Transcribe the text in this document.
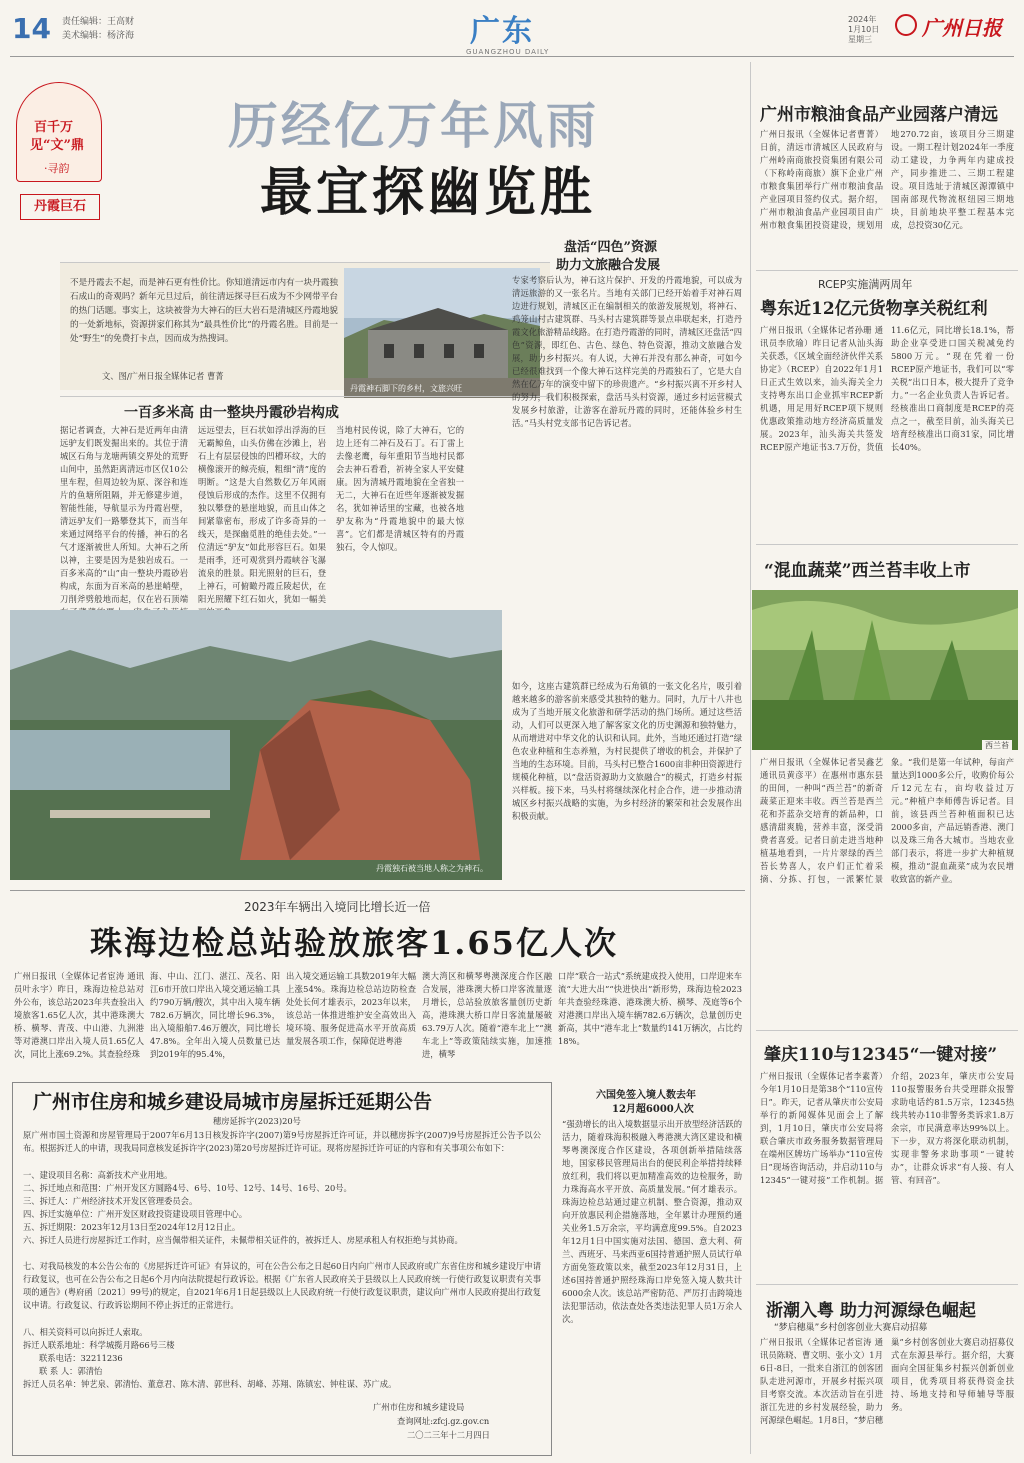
14 责任编辑：王高财
美术编辑：杨济海	广东
GUANGZHOU DAILY
2024年
1月10日
星期三	广州日报
百千万
见“文”鼎
·寻韵
丹霞巨石
历经亿万年风雨
最宜探幽览胜
不是丹霞去不起，而是神石更有性价比。你知道清远市内有一块丹霞独石成山的奇观吗？新年元旦过后，前往清远探寻巨石成为不少网带平台的热门话题。事实上，这块被誉为大神石的巨大岩石是清城区丹霞地貌的一处新地标，资源拼家们称其为“最具性价比”的丹霞名胜。目前是一处“野生”的免费打卡点，因而成为热搜词。
文、图/广州日报全媒体记者 曹菁
丹霞神石脚下的乡村，文旅兴旺
一百多米高 由一整块丹霞砂岩构成
据记者调查，大神石是近两年由清远驴友们既发掘出来的。其位于清城区石角与龙塘两镇交界处的荒野山间中，虽然距离清远市区仅10公里车程，但周边较为原、深谷和连片的鱼塘所阻隔，并无修建步道，智能性能，导航显示为丹霞岩壁，清远驴友们一路攀登其下，而当年来通过网络平台的传播，神石的名气才逐渐被世人所知。大神石之所以神，主要是因为是独岩成石。一百多米高的“山”由一整块丹霞砂岩构成，东面为百米高的悬崖峭壁，刀削斧劈般地而起，仅在岩石顶端
远远望去，巨石状如浮出浮海的巨无霸鲸鱼，山头仿佛在沙滩上，岩石上有层层侵蚀的凹槽环纹，大的横像滚开的鲸壳痕，粗细“清”度的明断。“这是大自然数亿万年风雨侵蚀后形成的杰作。这里不仅拥有独以攀登的悬崖地貌，而且山体之间紧靠密布，形成了许多奇异的一线天，是探幽觅胜的绝佳去处。”一位清远“驴友”如此形容巨石。如果是雨季，还可观赏到丹霞峡谷飞瀑流泉的胜景。阳光照射的巨石，登上神石，可俯瞰丹霞丘陵起伏，在阳光照耀下红石如火，犹如一幅美
当地村民传说，除了大神石，它的边上还有二神石及石丁。石丁雷上去像老鹰，每年重阳节当地村民都会去神石看看，祈祷全家人平安健康。因为清城丹霞地貌在全省独一无二，大神石在近些年逐渐被发掘名，犹如神话里的宝藏，也被各地驴友称为“丹霞地貌中的最大惊喜”。它们都是清城区特有的丹霞独石，令人惊叹。
丹霞独石被当地人称之为神石。
盘活“四色”资源
助力文旅融合发展
专家考察后认为，神石这片保护、开发的丹霞地貌，可以成为清远旅游的又一张名片。当地有关部门已经开始着手对神石周边进行规划，清城区正在编制相关的旅游发展规划，将神石、鸡笼山村古建筑群、马头村古建筑群等景点串联起来，打造丹霞文化旅游精品线路。在打造丹霞游的同时，清城区还盘活“四色”资源，即红色、古色、绿色、特色资源，推动文旅融合发展，助力乡村振兴。有人说，大神石并没有那么神奇，可如今已经很难找到一个像大神石这样完美的丹霞独石了，它是大自然在亿万年的演变中留下的珍贵遗产。“乡村振兴离不开乡村人的努力，我们积极探索，盘活马头村资源，通过乡村运营模式发展乡村旅游，让游客在游玩丹霞的同时，还能体验乡村生活。”马头村党支部书记告诉记者。
如今，这座古建筑群已经成为石角镇的一张文化名片，吸引着越来越多的游客前来感受其独特的魅力。同时，九厅十八井也成为了当地开展文化旅游和研学活动的热门场所。通过这些活动，人们可以更深入地了解客家文化的历史渊源和独特魅力，从而增进对中华文化的认识和认同。此外，当地还通过打造“绿色农业种植和生态养殖，为村民提供了增收的机会，并保护了当地的生态环境。目前，马头村已整合1600亩非种田资源进行规模化种植，以“盘活资源助力文旅融合”的模式，打造乡村振兴样板。接下来，马头村将继续深化村企合作，进一步推动清城区乡村振兴战略的实施，为乡村经济的繁荣和社会发展作出积极贡献。
2023年车辆出入境同比增长近一倍
珠海边检总站验放旅客1.65亿人次
广州日报讯（全媒体记者宦涛 通讯员叶永宇）昨日，珠海边检总站对外公布，该总站2023年共查验出入境旅客1.65亿人次，其中港珠澳大桥、横琴、青茂、中山港、九洲港等对港澳口岸出入境人员1.65亿人次，同比上涨69.2%。其查验经珠
海、中山、江门、湛江、茂名、阳江6市开放口岸出入境交通运输工具约790万辆/艘次，其中出入境车辆782.6万辆次，同比增长96.3%，出入境船舶7.46万艘次，同比增长47.8%。全年出入境人员数量已达到2019年的95.4%，
出入境交通运输工具数2019年大幅上涨54%。珠海边检总站边防检查处处长何才雄表示，2023年以来，该总站一体推进维护安全高效出入境环境、服务促进高水平开放高质量发展各项工作，保障促进粤港
澳大湾区和横琴粤澳深度合作区融合发展，港珠澳大桥口岸客流量逐月增长，总站验放旅客量创历史新高，港珠澳大桥口岸日客流量屡破63.79万人次。随着“港车北上”“澳车北上”等政策陆续实施，加速推进，横琴
口岸“联合一站式”系统建成投入使用，口岸迎来车流“大进大出”“快进快出”新形势，珠海边检2023年共查验经珠港、港珠澳大桥、横琴、茂庭等6个对港澳口岸出入境车辆782.6万辆次，总量创历史新高，其中“港车北上”数量约141万辆次，占比约18%。
六国免签入境人数去年
12月超6000人次
“强劲增长的出入境数据显示出开放型经济活跃的活力，随着珠海积极融入粤港澳大湾区建设和横琴粤澳深度合作区建设，各项创新举措陆续落地，国家移民管理局出台的便民利企举措持续释放红利，我们将以更加精准高效的边检服务，助力珠海高水平开放、高质量发展。”何才雄表示。珠海边检总站通过建立机制、整合资源，推动双向开放惠民利企措施落地，全年累计办理预约通关业务1.5万余宗，平均满意度99.5%。自2023年12月1日中国实施对法国、德国、意大利、荷兰、西班牙、马来西亚6国持普通护照人员试行单方面免签政策以来，截至2023年12月31日，上述6国持普通护照经珠海口岸免签入境人数共计6000余人次。该总站严密防范、严厉打击跨境违法犯罪活动，依法查处各类违法犯罪人员1万余人次。
广州市住房和城乡建设局城市房屋拆迁延期公告
穗房延拆字(2023)20号
原广州市国土资源和房屋管理局于2007年6月13日核发拆许字(2007)第9号房屋拆迁许可证，并以穗房拆字(2007)9号房屋拆迁公告予以公布。根据拆迁人的申请，现我局同意核发延拆许字(2023)第20号房屋拆迁许可证。现将房屋拆迁许可证的内容和有关事项公布如下：
一、建设项目名称：高新技术产业用地。
二、拆迁地点和范围：广州开发区方圆路4号、6号、10号、12号、14号、16号、20号。
三、拆迁人：广州经济技术开发区管理委员会。
四、拆迁实施单位：广州开发区财政投资建设项目管理中心。
五、拆迁期限：2023年12月13日至2024年12月12日止。
六、拆迁人员进行房屋拆迁工作时，应当佩带相关证件，未佩带相关证件的，被拆迁人、房屋承租人有权拒绝与其协商。
七、对我局核发的本公告公布的《房屋拆迁许可证》有异议的，可在公告公布之日起60日内向广州市人民政府或广东省住房和城乡建设厅申请行政复议，也可在公告公布之日起6个月内向法院提起行政诉讼。根据《广东省人民政府关于县级以上人民政府统一行使行政复议职责有关事项的通告》(粤府函〔2021〕99号)的规定，自2021年6月1日起县级以上人民政府统一行使行政复议职责，建议向广州市人民政府提出行政复议申请。行政复议、行政诉讼期间不停止拆迁的正常进行。
八、相关资料可以向拆迁人索取。
拆迁人联系地址：科学城揽月路66号三楼
联系电话：32211236
联 系 人：郭清怡
拆迁人员名单：钟艺泉、郭清怡、董意君、陈木清、郭世科、胡峰、苏翔、陈镇宏、钟柱谋、苏广成。
广州市住房和城乡建设局
查询网址:zfcj.gz.gov.cn
二〇二三年十二月四日
广州市粮油食品产业园落户清远
广州日报讯（全媒体记者曹菁）日前，清远市清城区人民政府与广州岭南商旅投资集团有限公司（下称岭南商旅）旗下企业广州市粮食集团举行广州市粮油食品产业园项目签约仪式。据介绍，广州市粮油食品产业园项目由广州市粮食集团投资建设，规划用地270.72亩，该项目分三期建设。一期工程计划2024年一季度动工建设，力争两年内建成投产，同步推进二、三期工程建设。项目选址于清城区源潭镇中国南部现代物流枢纽园三期地块，目前地块平整工程基本完成，总投资30亿元。
RCEP实施满两周年
粤东近12亿元货物享关税红利
广州日报讯（全媒体记者孙珊 通讯员李欣瑜）昨日记者从汕头海关获悉，《区域全面经济伙伴关系协定》（RCEP）自2022年1月1日正式生效以来，汕头海关全力支持粤东出口企业抓牢RCEP新机遇，用足用好RCEP项下规则优惠政策推动地方经济高质量发展。2023年，汕头海关共签发RCEP原产地证书3.7万份，货值11.6亿元，同比增长18.1%，帮助企业享受进口国关税减免约5800万元。“现在凭着一份RCEP原产地证书，我们可以“零关税”出口日本，极大提升了竞争力。”一名企业负责人告诉记者。经核准出口商制度是RCEP的亮点之一，截至目前，汕头海关已培育经核准出口商31家，同比增长40%。
“混血蔬菜”西兰苔丰收上市
西兰苔
广州日报讯（全媒体记者吴鑫艺 通讯员黄彦平）在惠州市惠东县的田间，一种叫“西兰苔”的新奇蔬菜正迎来丰收。西兰苔是西兰花和芥蓝杂交培育的新品种，口感清甜爽脆，营养丰富，深受消费者喜爱。记者日前走进当地种植基地看到，一片片翠绿的西兰苔长势喜人，农户们正忙着采摘、分拣、打包，一派繁忙景象。“我们是第一年试种，每亩产量达到1000多公斤，收购价每公斤12元左右，亩均收益过万元。”种植户李师傅告诉记者。目前，该县西兰苔种植面积已达2000多亩，产品远销香港、澳门以及珠三角各大城市。当地农业部门表示，将进一步扩大种植规模，推动“混血蔬菜”成为农民增收致富的新产业。
肇庆110与12345“一键对接”
广州日报讯（全媒体记者李素菁）今年1月10日是第38个“110宣传日”。昨天，记者从肇庆市公安局举行的新闻媒体见面会上了解到，1月10日，肇庆市公安局将联合肇庆市政务服务数据管理局在端州区牌坊广场举办“110宣传日”现场咨询活动，并启动110与12345“一键对接”工作机制。据介绍，2023年，肇庆市公安局110报警服务台共受理群众报警求助电话约81.5万宗，12345热线共转办110非警务类诉求1.8万余宗，市民满意率达99%以上。下一步，双方将深化联动机制，实现非警务求助事项“一键转办”，让群众诉求“有人接、有人管、有回音”。
浙潮入粤 助力河源绿色崛起
“梦启穗巢”乡村创客创业大赛启动招募
广州日报讯（全媒体记者宦涛 通讯员陈晓、曹文明、张小文）1月6日-8日，一批来自浙江的创客团队走进河源市，开展乡村振兴项目考察交流。本次活动旨在引进浙江先进的乡村发展经验，助力河源绿色崛起。1月8日，“梦启穗巢”乡村创客创业大赛启动招募仪式在东源县举行。据介绍，大赛面向全国征集乡村振兴创新创业项目，优秀项目将获得资金扶持、场地支持和导师辅导等服务。
